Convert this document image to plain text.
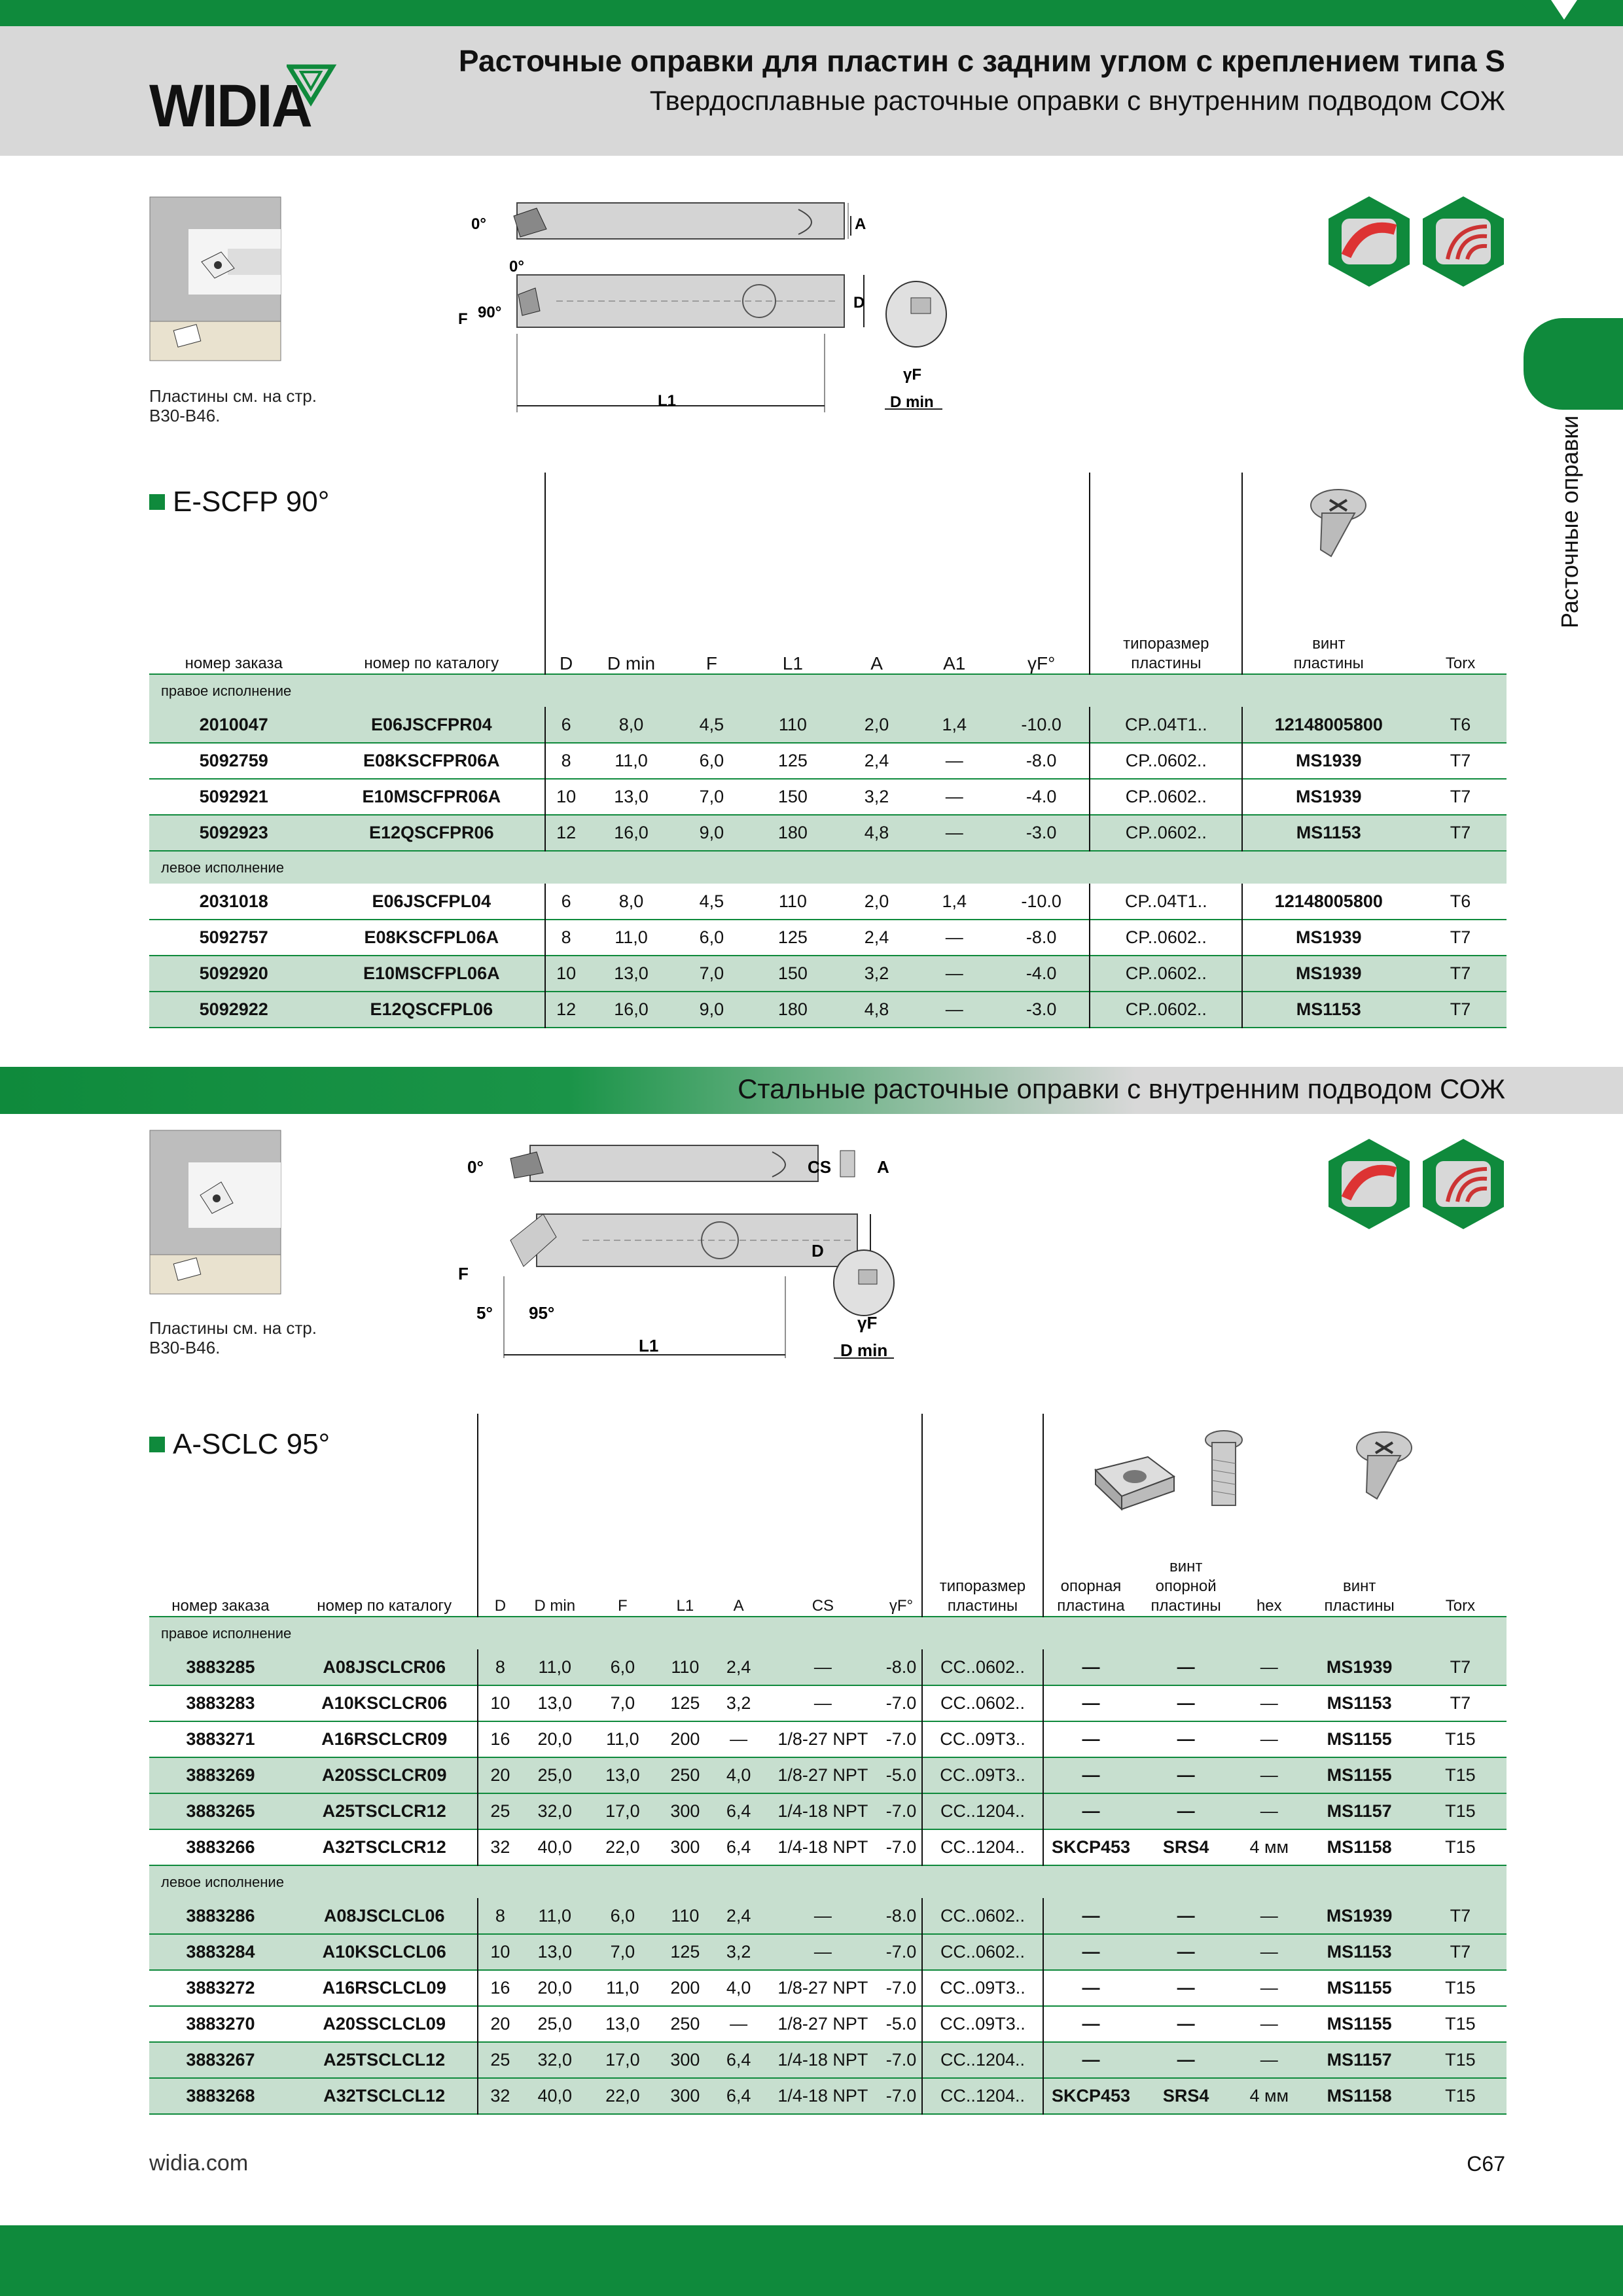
WIDIA
Расточные оправки для пластин с задним углом с креплением типа S
Твердосплавные расточные оправки с внутренним подводом СОЖ
Расточные оправки
Пластины см. на стр.
B30-B46.
0°
0°
F 90°
A
D
L1
γF
D min
E-SCFP 90°
номер заказа	номер по каталогу	D	D min	F	L1	A	A1	γF°	типоразмер пластины	винт пластины	Torx
правое исполнение											
2010047	E06JSCFPR04	6	8,0	4,5	110	2,0	1,4	-10.0	CP..04T1..	12148005800	T6
5092759	E08KSCFPR06A	8	11,0	6,0	125	2,4	—	-8.0	CP..0602..	MS1939	T7
5092921	E10MSCFPR06A	10	13,0	7,0	150	3,2	—	-4.0	CP..0602..	MS1939	T7
5092923	E12QSCFPR06	12	16,0	9,0	180	4,8	—	-3.0	CP..0602..	MS1153	T7
левое исполнение											
2031018	E06JSCFPL04	6	8,0	4,5	110	2,0	1,4	-10.0	CP..04T1..	12148005800	T6
5092757	E08KSCFPL06A	8	11,0	6,0	125	2,4	—	-8.0	CP..0602..	MS1939	T7
5092920	E10MSCFPL06A	10	13,0	7,0	150	3,2	—	-4.0	CP..0602..	MS1939	T7
5092922	E12QSCFPL06	12	16,0	9,0	180	4,8	—	-3.0	CP..0602..	MS1153	T7
Стальные расточные оправки с внутренним подводом СОЖ
Пластины см. на стр.
B30-B46.
0°	CS	A
D
F
5° 95°
L1
γF
D min
A-SCLC 95°
номер заказа	номер по каталогу	D	D min	F	L1	A	CS	γF°	типоразмер пластины	опорная пластина	винт опорной пластины	hex	винт пластины	Torx
правое исполнение														
3883285	A08JSCLCR06	8	11,0	6,0	110	2,4	—	-8.0	CC..0602..	—	—	—	MS1939	T7
3883283	A10KSCLCR06	10	13,0	7,0	125	3,2	—	-7.0	CC..0602..	—	—	—	MS1153	T7
3883271	A16RSCLCR09	16	20,0	11,0	200	—	1/8-27 NPT	-7.0	CC..09T3..	—	—	—	MS1155	T15
3883269	A20SSCLCR09	20	25,0	13,0	250	4,0	1/8-27 NPT	-5.0	CC..09T3..	—	—	—	MS1155	T15
3883265	A25TSCLCR12	25	32,0	17,0	300	6,4	1/4-18 NPT	-7.0	CC..1204..	—	—	—	MS1157	T15
3883266	A32TSCLCR12	32	40,0	22,0	300	6,4	1/4-18 NPT	-7.0	CC..1204..	SKCP453	SRS4	4 мм	MS1158	T15
левое исполнение														
3883286	A08JSCLCL06	8	11,0	6,0	110	2,4	—	-8.0	CC..0602..	—	—	—	MS1939	T7
3883284	A10KSCLCL06	10	13,0	7,0	125	3,2	—	-7.0	CC..0602..	—	—	—	MS1153	T7
3883272	A16RSCLCL09	16	20,0	11,0	200	4,0	1/8-27 NPT	-7.0	CC..09T3..	—	—	—	MS1155	T15
3883270	A20SSCLCL09	20	25,0	13,0	250	—	1/8-27 NPT	-5.0	CC..09T3..	—	—	—	MS1155	T15
3883267	A25TSCLCL12	25	32,0	17,0	300	6,4	1/4-18 NPT	-7.0	CC..1204..	—	—	—	MS1157	T15
3883268	A32TSCLCL12	32	40,0	22,0	300	6,4	1/4-18 NPT	-7.0	CC..1204..	SKCP453	SRS4	4 мм	MS1158	T15
widia.com	C67
